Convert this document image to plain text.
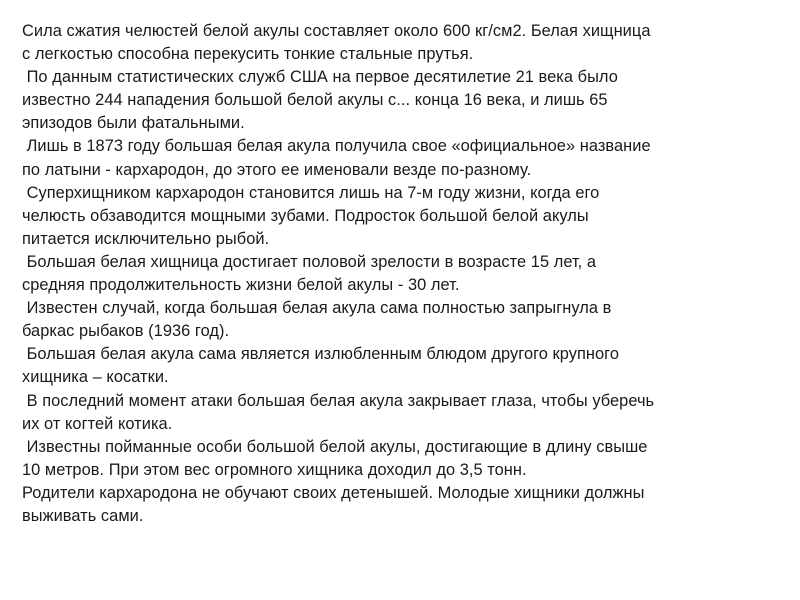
Сила сжатия челюстей белой акулы составляет около 600 кг/см2. Белая хищница
с легкостью способна перекусить тонкие стальные прутья.
По данным статистических служб США на первое десятилетие 21 века было
известно 244 нападения большой белой акулы с... конца 16 века, и лишь 65
эпизодов были фатальными.
Лишь в 1873 году большая белая акула получила свое «официальное» название
по латыни - кархародон, до этого ее именовали везде по-разному.
Суперхищником кархародон становится лишь на 7-м году жизни, когда его
челюсть обзаводится мощными зубами. Подросток большой белой акулы
питается исключительно рыбой.
Большая белая хищница достигает половой зрелости в возрасте 15 лет, а
средняя продолжительность жизни белой акулы - 30 лет.
Известен случай, когда большая белая акула сама полностью запрыгнула в
баркас рыбаков (1936 год).
Большая белая акула сама является излюбленным блюдом другого крупного
хищника – косатки.
В последний момент атаки большая белая акула закрывает глаза, чтобы уберечь
их от когтей котика.
Известны пойманные особи большой белой акулы, достигающие в длину свыше
10 метров. При этом вес огромного хищника доходил до 3,5 тонн.
Родители кархародона не обучают своих детенышей. Молодые хищники должны
выживать сами.
